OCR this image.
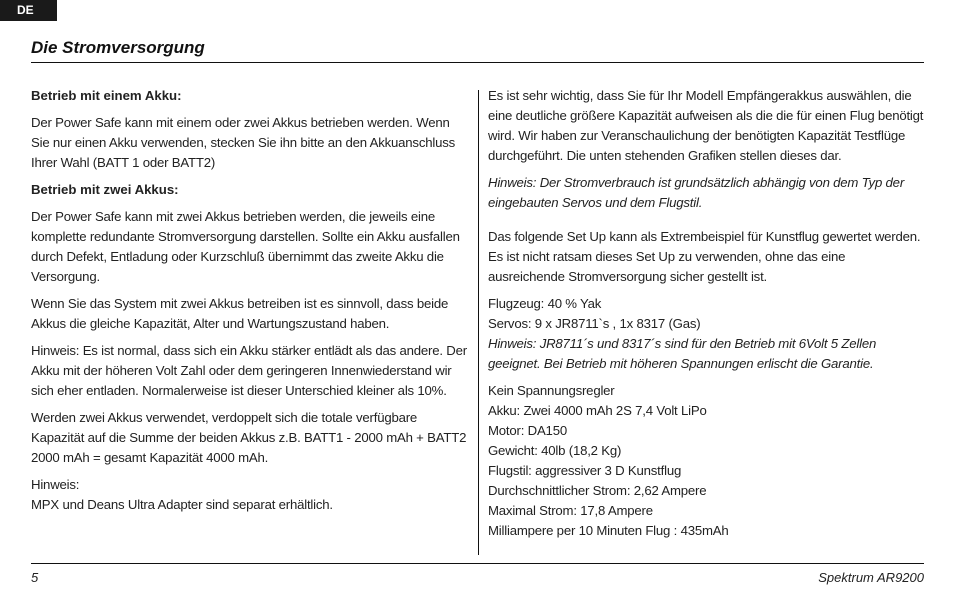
DE
Die Stromversorgung
Betrieb mit einem Akku:

Der Power Safe kann mit einem oder zwei Akkus betrieben werden. Wenn Sie nur einen Akku verwenden, stecken Sie ihn bitte an den Akkuanschluss Ihrer Wahl (BATT 1 oder BATT2)

Betrieb mit zwei Akkus:

Der Power Safe kann mit zwei Akkus betrieben werden, die jeweils eine komplette redundante Stromversorgung darstellen. Sollte ein Akku ausfallen durch Defekt, Entladung oder Kurzschluß übernimmt das zweite Akku die Versorgung.

Wenn Sie das System mit zwei Akkus betreiben ist es sinnvoll, dass beide Akkus die gleiche Kapazität, Alter und Wartungszustand haben.

Hinweis: Es ist normal, dass sich ein Akku stärker entlädt als das andere. Der Akku mit der höheren Volt Zahl oder dem geringeren Innenwiederstand wir sich eher entladen. Normalerweise ist dieser Unterschied kleiner als 10%.

Werden zwei Akkus verwendet, verdoppelt sich die totale verfügbare Kapazität auf die Summe der beiden Akkus z.B. BATT1 - 2000 mAh + BATT2 2000 mAh = gesamt Kapazität 4000 mAh.

Hinweis:
MPX und Deans Ultra Adapter sind separat erhältlich.

Es ist sehr wichtig, dass Sie für Ihr Modell Empfängerakkus auswählen, die eine deutliche größere Kapazität aufweisen als die die für einen Flug benötigt wird. Wir haben zur Veranschaulichung der benötigten Kapazität Testflüge durchgeführt. Die unten stehenden Grafiken stellen dieses dar.

Hinweis: Der Stromverbrauch ist grundsätzlich abhängig von dem Typ der eingebauten Servos und dem Flugstil.

Das folgende Set Up kann als Extrembeispiel für Kunstflug gewertet werden. Es ist nicht ratsam dieses Set Up zu verwenden, ohne das eine ausreichende Stromversorgung sicher gestellt ist.

Flugzeug: 40 % Yak
Servos: 9 x JR8711`s , 1x 8317 (Gas)
Hinweis: JR8711´s und 8317´s sind für den Betrieb mit 6Volt 5 Zellen geeignet. Bei Betrieb mit höheren Spannungen erlischt die Garantie.

Kein Spannungsregler
Akku: Zwei 4000 mAh 2S 7,4 Volt LiPo
Motor: DA150
Gewicht: 40lb (18,2 Kg)
Flugstil: aggressiver 3 D Kunstflug
Durchschnittlicher Strom: 2,62 Ampere
Maximal Strom: 17,8 Ampere
Milliampere per 10 Minuten Flug : 435mAh

5	Spektrum AR9200
